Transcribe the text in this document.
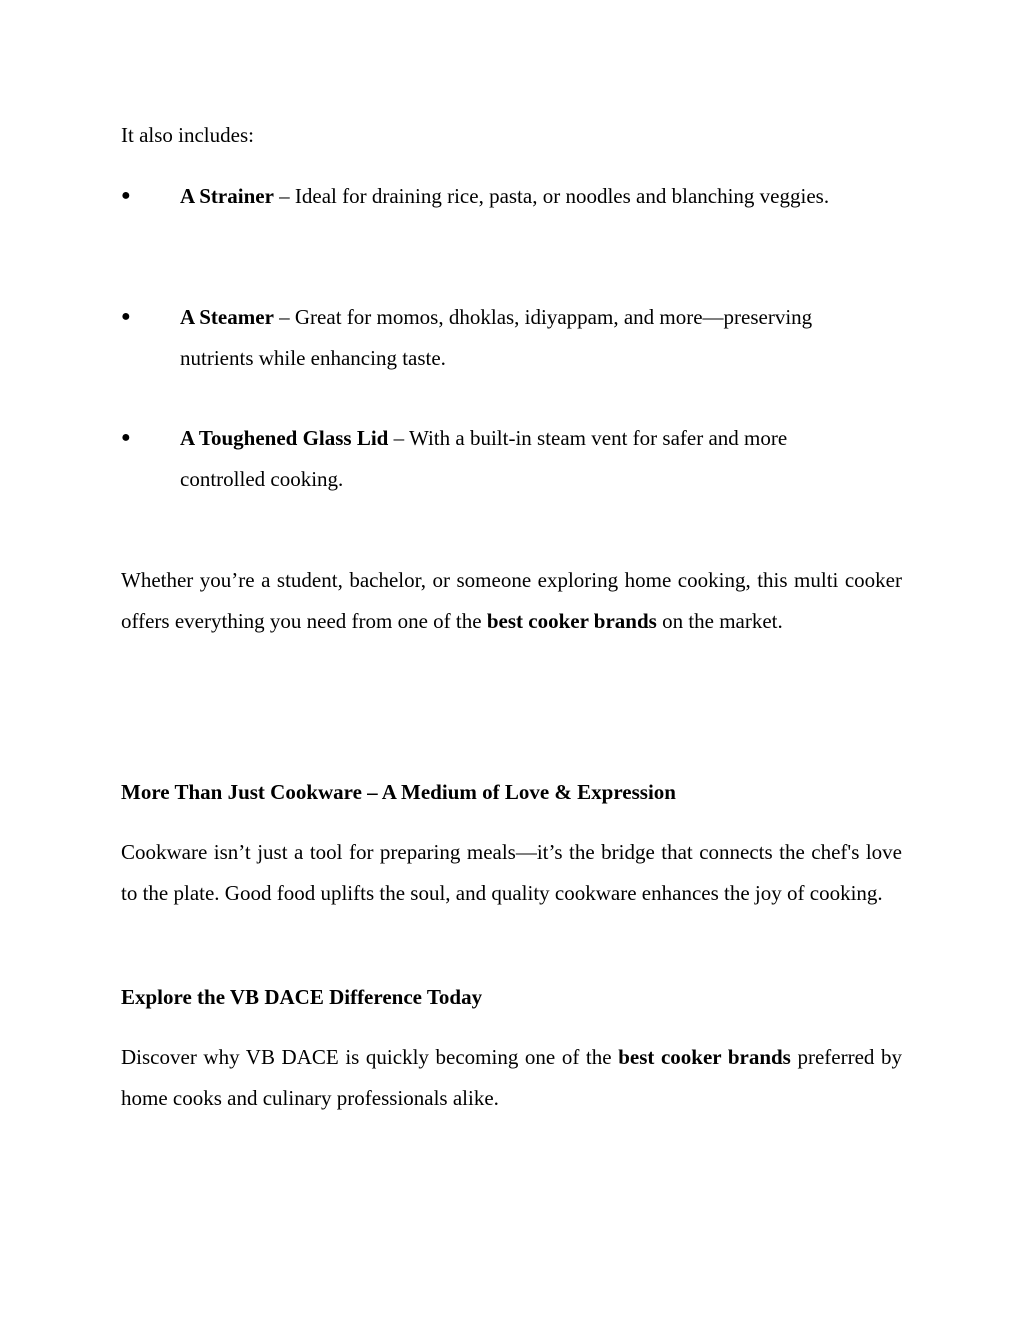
It also includes:

●	A Strainer – Ideal for draining rice, pasta, or noodles and blanching veggies.
●	A Steamer – Great for momos, dhoklas, idiyappam, and more—preserving nutrients while enhancing taste.
●	A Toughened Glass Lid – With a built-in steam vent for safer and more controlled cooking.

Whether you’re a student, bachelor, or someone exploring home cooking, this multi cooker offers everything you need from one of the best cooker brands on the market.

More Than Just Cookware – A Medium of Love & Expression

Cookware isn’t just a tool for preparing meals—it’s the bridge that connects the chef's love to the plate. Good food uplifts the soul, and quality cookware enhances the joy of cooking.

Explore the VB DACE Difference Today

Discover why VB DACE is quickly becoming one of the best cooker brands preferred by home cooks and culinary professionals alike.
